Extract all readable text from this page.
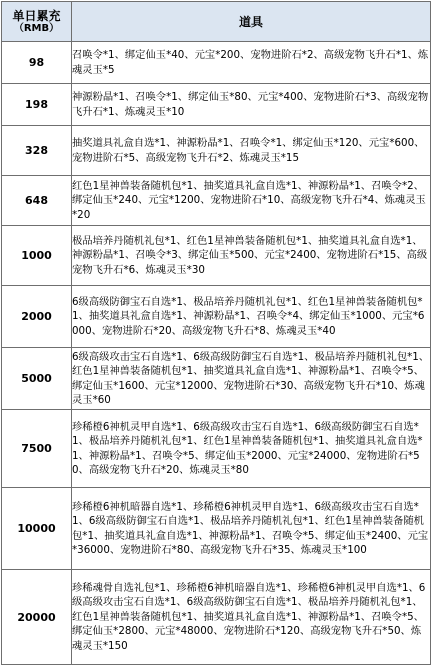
单日累充
（RMB）	道具
98	召唤令*1、绑定仙玉*40、元宝*200、宠物进阶石*2、高级宠物飞升石*1、炼魂灵玉*5
198	神源粉晶*1、召唤令*1、绑定仙玉*80、元宝*400、宠物进阶石*3、高级宠物飞升石*1、炼魂灵玉*10
328	抽奖道具礼盒自选*1、神源粉晶*1、召唤令*1、绑定仙玉*120、元宝*600、宠物进阶石*5、高级宠物飞升石*2、炼魂灵玉*15
648	红色1星神兽装备随机包*1、抽奖道具礼盒自选*1、神源粉晶*1、召唤令*2、绑定仙玉*240、元宝*1200、宠物进阶石*10、高级宠物飞升石*4、炼魂灵玉*20
1000	极品培养丹随机礼包*1、红色1星神兽装备随机包*1、抽奖道具礼盒自选*1、神源粉晶*1、召唤令*3、绑定仙玉*500、元宝*2400、宠物进阶石*15、高级宠物飞升石*6、炼魂灵玉*30
2000	6级高级防御宝石自选*1、极品培养丹随机礼包*1、红色1星神兽装备随机包*1、抽奖道具礼盒自选*1、神源粉晶*1、召唤令*4、绑定仙玉*1000、元宝*6000、宠物进阶石*20、高级宠物飞升石*8、炼魂灵玉*40
5000	6级高级攻击宝石自选*1、6级高级防御宝石自选*1、极品培养丹随机礼包*1、红色1星神兽装备随机包*1、抽奖道具礼盒自选*1、神源粉晶*1、召唤令*5、绑定仙玉*1600、元宝*12000、宠物进阶石*30、高级宠物飞升石*10、炼魂灵玉*60
7500	珍稀橙6神机灵甲自选*1、6级高级攻击宝石自选*1、6级高级防御宝石自选*1、极品培养丹随机礼包*1、红色1星神兽装备随机包*1、抽奖道具礼盒自选*1、神源粉晶*1、召唤令*5、绑定仙玉*2000、元宝*24000、宠物进阶石*50、高级宠物飞升石*20、炼魂灵玉*80
10000	珍稀橙6神机暗器自选*1、珍稀橙6神机灵甲自选*1、6级高级攻击宝石自选*1、6级高级防御宝石自选*1、极品培养丹随机礼包*1、红色1星神兽装备随机包*1、抽奖道具礼盒自选*1、神源粉晶*1、召唤令*5、绑定仙玉*2400、元宝*36000、宠物进阶石*80、高级宠物飞升石*35、炼魂灵玉*100
20000	珍稀魂骨自选礼包*1、珍稀橙6神机暗器自选*1、珍稀橙6神机灵甲自选*1、6级高级攻击宝石自选*1、6级高级防御宝石自选*1、极品培养丹随机礼包*1、红色1星神兽装备随机包*1、抽奖道具礼盒自选*1、神源粉晶*1、召唤令*5、绑定仙玉*2800、元宝*48000、宠物进阶石*120、高级宠物飞升石*50、炼魂灵玉*150
